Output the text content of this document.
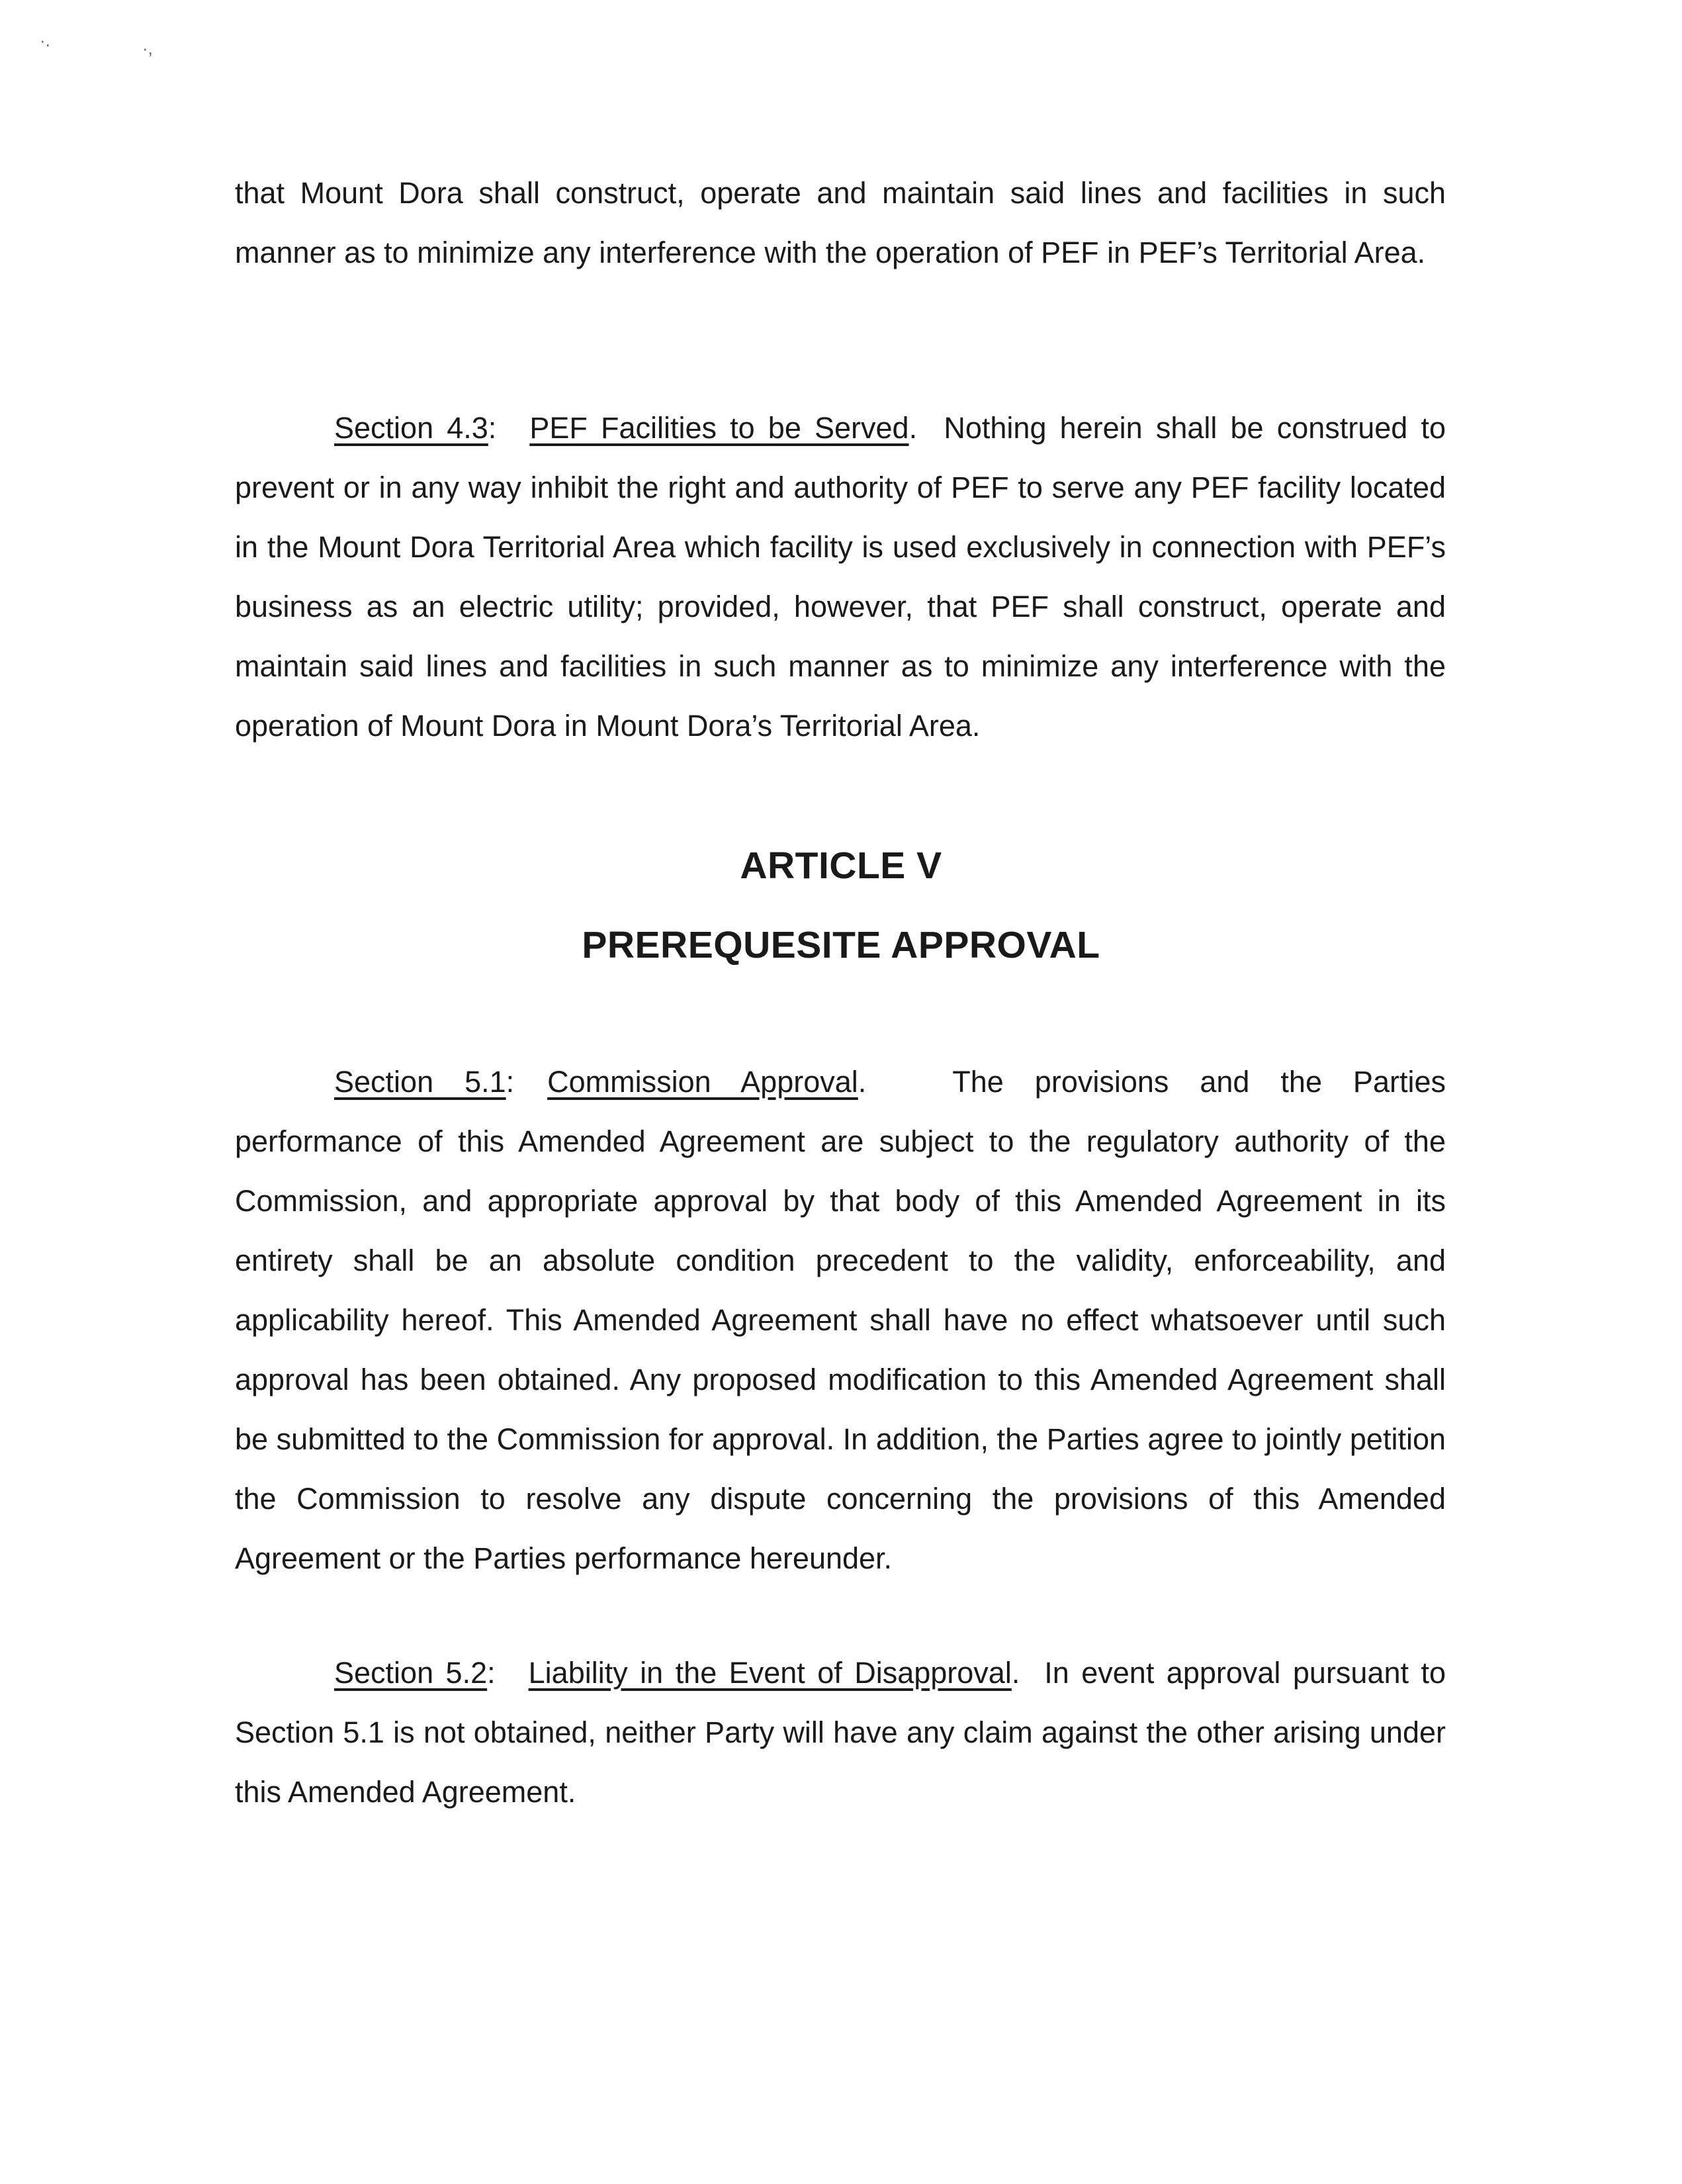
·.	·,

that Mount Dora shall construct, operate and maintain said lines and facilities in such manner as to minimize any interference with the operation of PEF in PEF’s Territorial Area.

Section 4.3: PEF Facilities to be Served.  Nothing herein shall be construed to prevent or in any way inhibit the right and authority of PEF to serve any PEF facility located in the Mount Dora Territorial Area which facility is used exclusively in connection with PEF’s business as an electric utility; provided, however, that PEF shall construct, operate and maintain said lines and facilities in such manner as to minimize any interference with the operation of Mount Dora in Mount Dora’s Territorial Area.

ARTICLE V
PREREQUESITE APPROVAL

Section 5.1: Commission Approval.	The provisions and the Parties performance of this Amended Agreement are subject to the regulatory authority of the Commission, and appropriate approval by that body of this Amended Agreement in its entirety shall be an absolute condition precedent to the validity, enforceability, and applicability hereof. This Amended Agreement shall have no effect whatsoever until such approval has been obtained. Any proposed modification to this Amended Agreement shall be submitted to the Commission for approval. In addition, the Parties agree to jointly petition the Commission to resolve any dispute concerning the provisions of this Amended Agreement or the Parties performance hereunder.

Section 5.2: Liability in the Event of Disapproval.  In event approval pursuant to Section 5.1 is not obtained, neither Party will have any claim against the other arising under this Amended Agreement.
